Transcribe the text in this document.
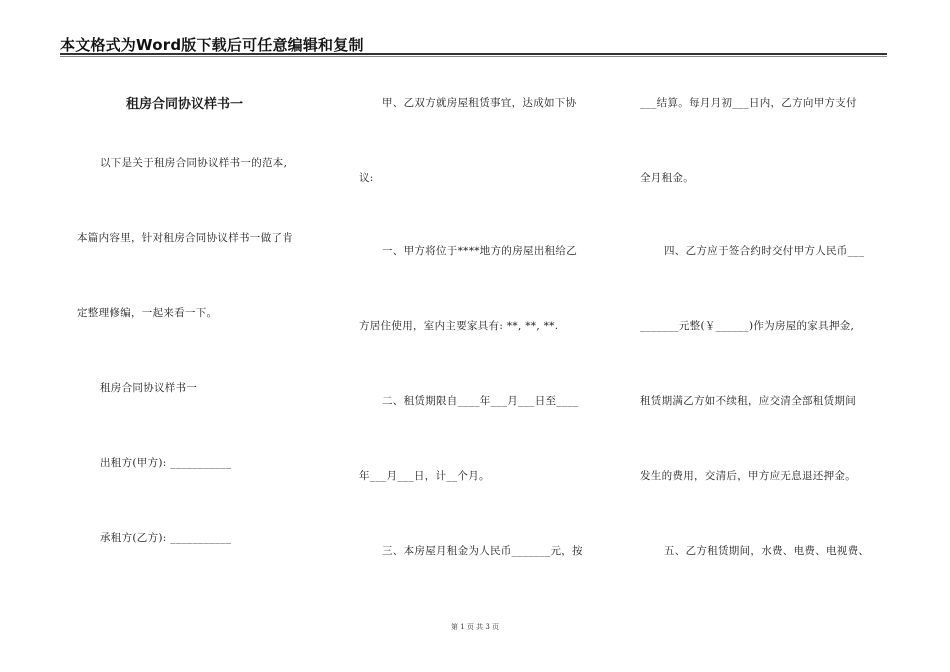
本文格式为Word版下载后可任意编辑和复制
租房合同协议样书一
以下是关于租房合同协议样书一的范本,
本篇内容里，针对租房合同协议样书一做了肯
定整理修编，一起来看一下。
租房合同协议样书一
出租方(甲方): ___________
承租方(乙方): ___________
甲、乙双方就房屋租赁事宜，达成如下协
议:
一、甲方将位于****地方的房屋出租给乙
方居住使用，室内主要家具有: **, **, **.
二、租赁期限自____年___月___日至____
年___月___日，计__个月。
三、本房屋月租金为人民币_______元，按
___结算。每月月初___日内，乙方向甲方支付
全月租金。
四、乙方应于签合约时交付甲方人民币___
_______元整(￥______)作为房屋的家具押金,
租赁期满乙方如不续租，应交清全部租赁期间
发生的费用，交清后，甲方应无息退还押金。
五、乙方租赁期间，水费、电费、电视费、
第 1 页 共 3 页
